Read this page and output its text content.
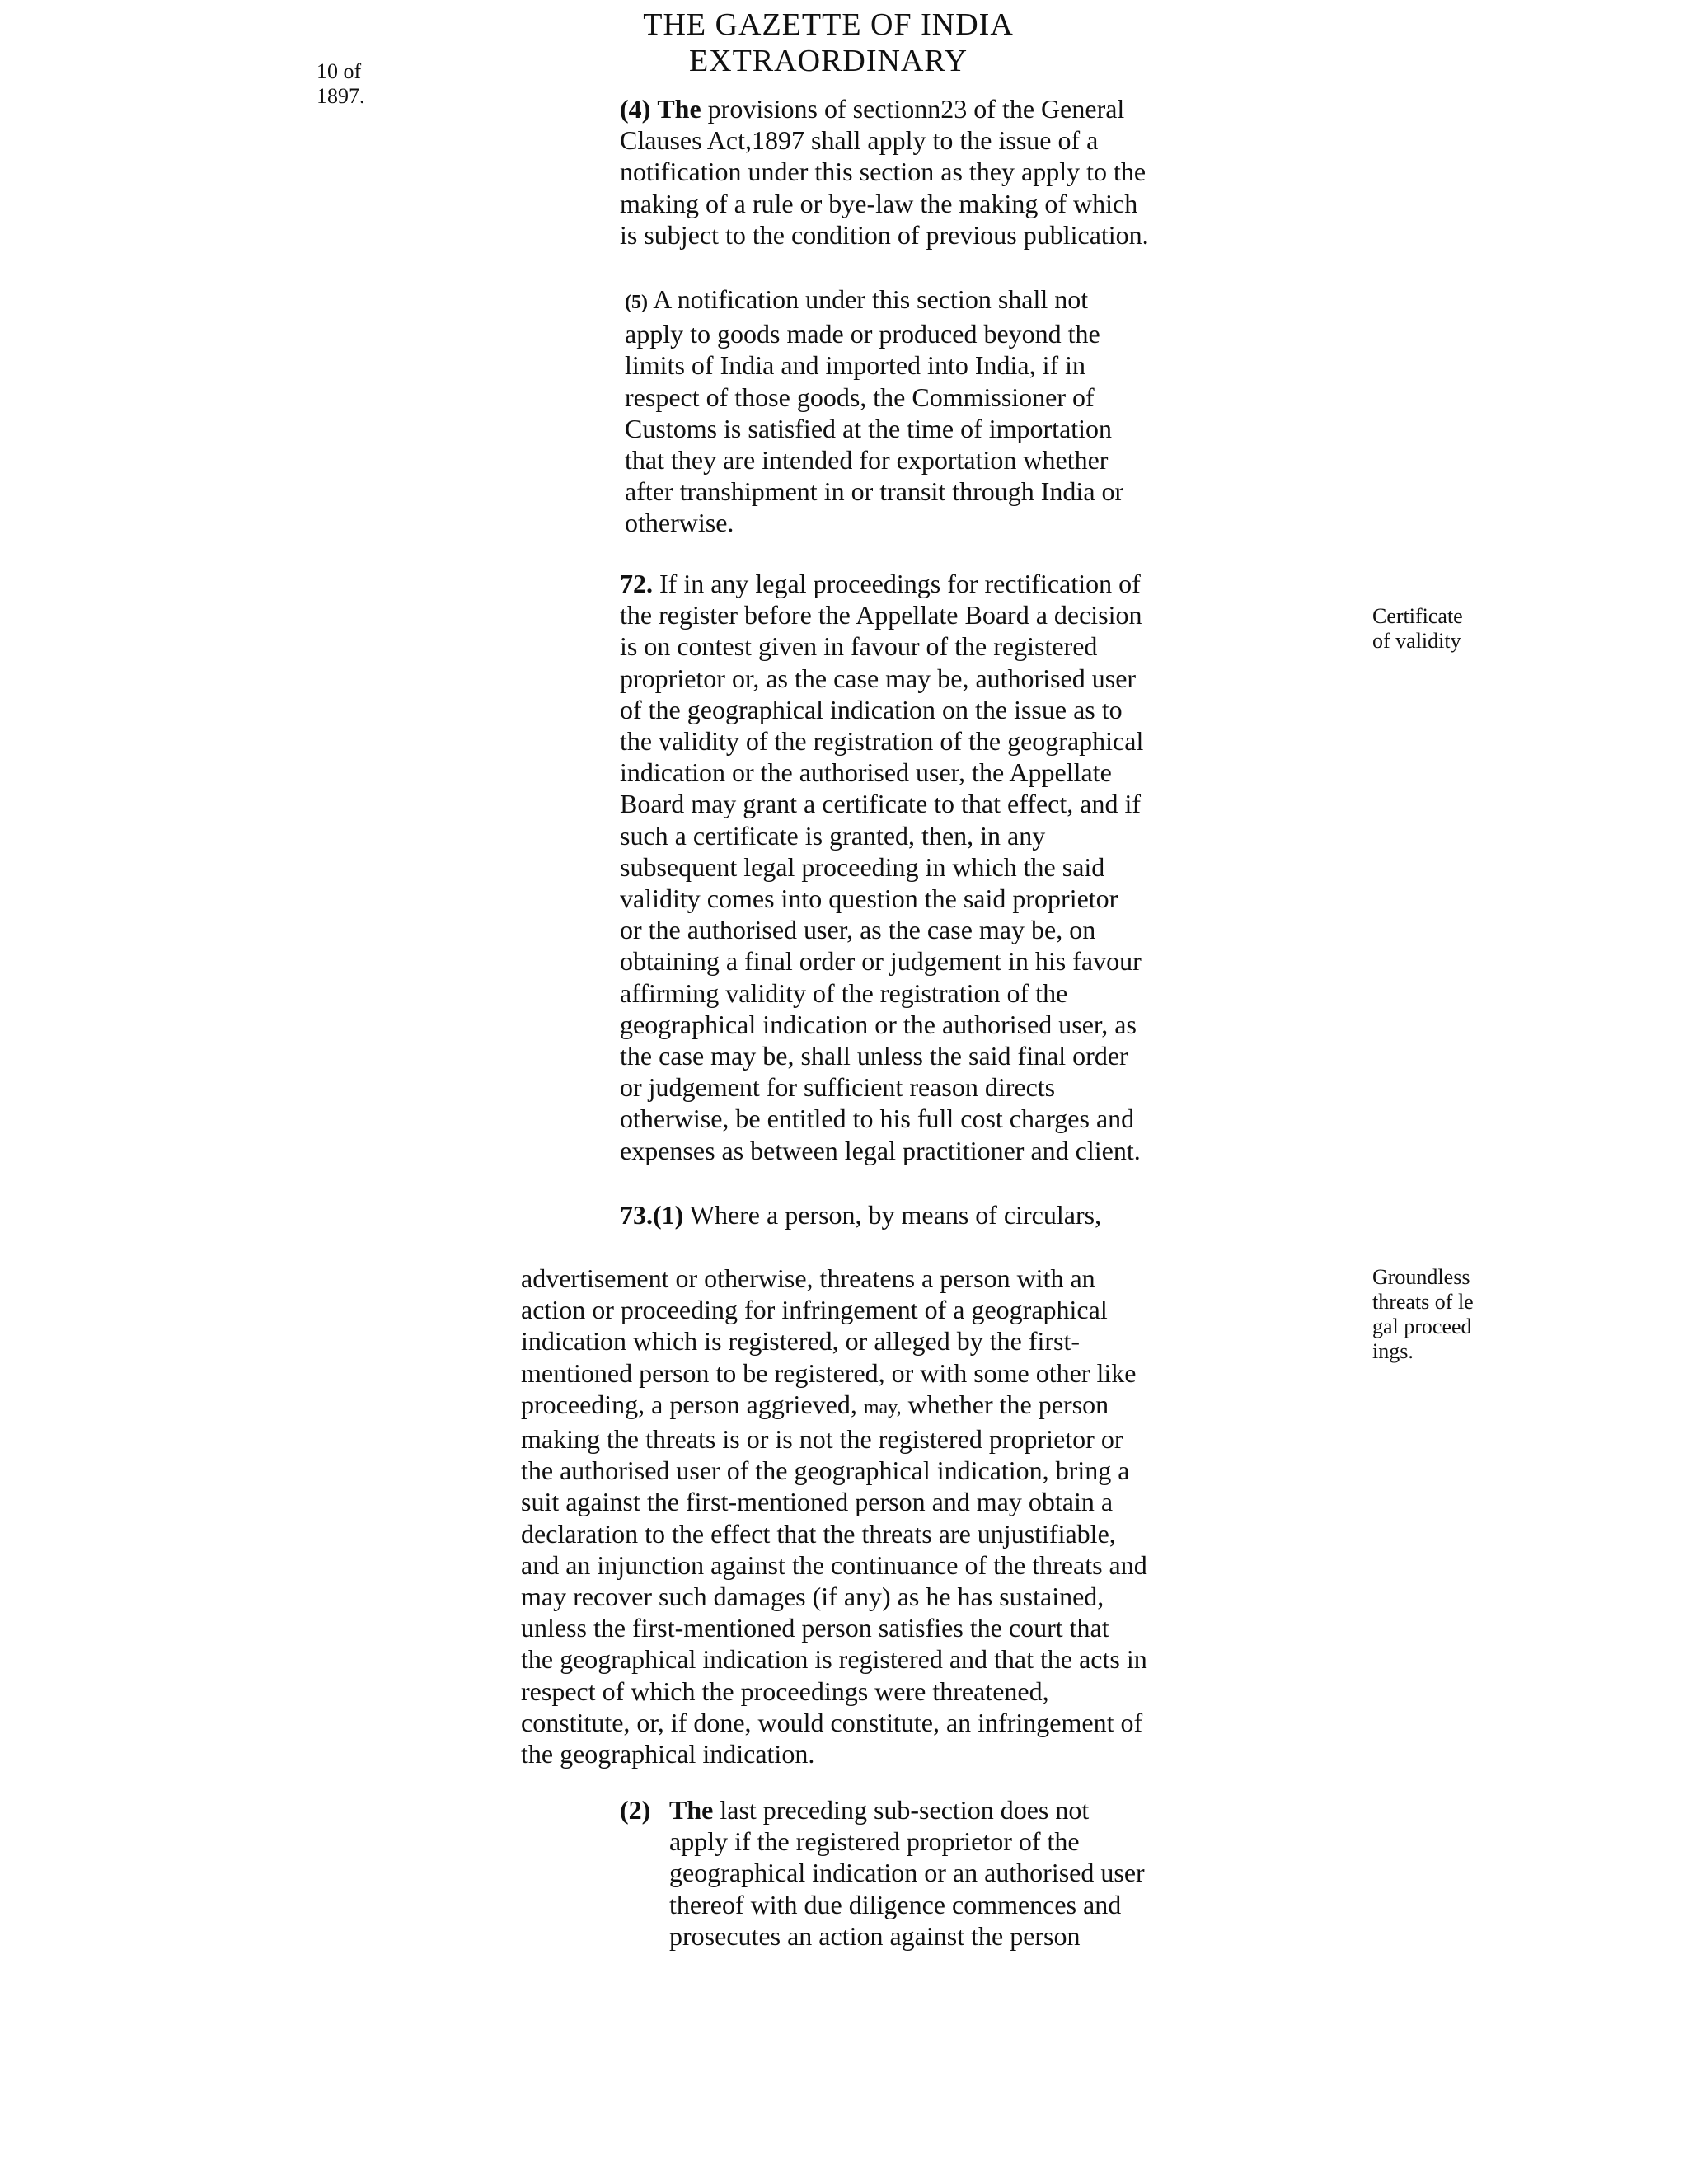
THE GAZETTE OF INDIA EXTRAORDINARY
10 of
1897.
Certificate of validity
Groundless threats of legal proceedings.

(4) The provisions of sectionn23 of the General
Clauses Act,1897 shall apply to the issue of a
notification under this section as they apply to the
making of a rule or bye-law the making of which
is subject to the condition of previous publication.

(5) A notification under this section shall not
apply to goods made or produced beyond the
limits of India and imported into India, if in
respect of those goods, the Commissioner of
Customs is satisfied at the time of importation
that they are intended for exportation whether
after transhipment in or transit through India or
otherwise.

72. If in any legal proceedings for rectification of
the register before the Appellate Board a decision
is on contest given in favour of the registered
proprietor or, as the case may be, authorised user
of the geographical indication on the issue as to
the validity of the registration of the geographical
indication or the authorised user, the Appellate
Board may grant a certificate to that effect, and if
such a certificate is granted, then, in any
subsequent legal proceeding in which the said
validity comes into question the said proprietor
or the authorised user, as the case may be, on
obtaining a final order or judgement in his favour
affirming validity of the registration of the
geographical indication or the authorised user, as
the case may be, shall unless the said final order
or judgement for sufficient reason directs
otherwise, be entitled to his full cost charges and
expenses as between legal practitioner and client.

73.(1) Where a person, by means of circulars,

advertisement or otherwise, threatens a person with an
action or proceeding for infringement of a geographical
indication which is registered, or alleged by the first-
mentioned person to be registered, or with some other like
proceeding, a person aggrieved, may, whether the person
making the threats is or is not the registered proprietor or
the authorised user of the geographical indication, bring a
suit against the first-mentioned person and may obtain a
declaration to the effect that the threats are unjustifiable,
and an injunction against the continuance of the threats and
may recover such damages (if any) as he has sustained,
unless the first-mentioned person satisfies the court that
the geographical indication is registered and that the acts in
respect of which the proceedings were threatened,
constitute, or, if done, would constitute, an infringement of
the geographical indication.

(2) The last preceding sub-section does not
apply if the registered proprietor of the
geographical indication or an authorised user
thereof with due diligence commences and
prosecutes an action against the person
